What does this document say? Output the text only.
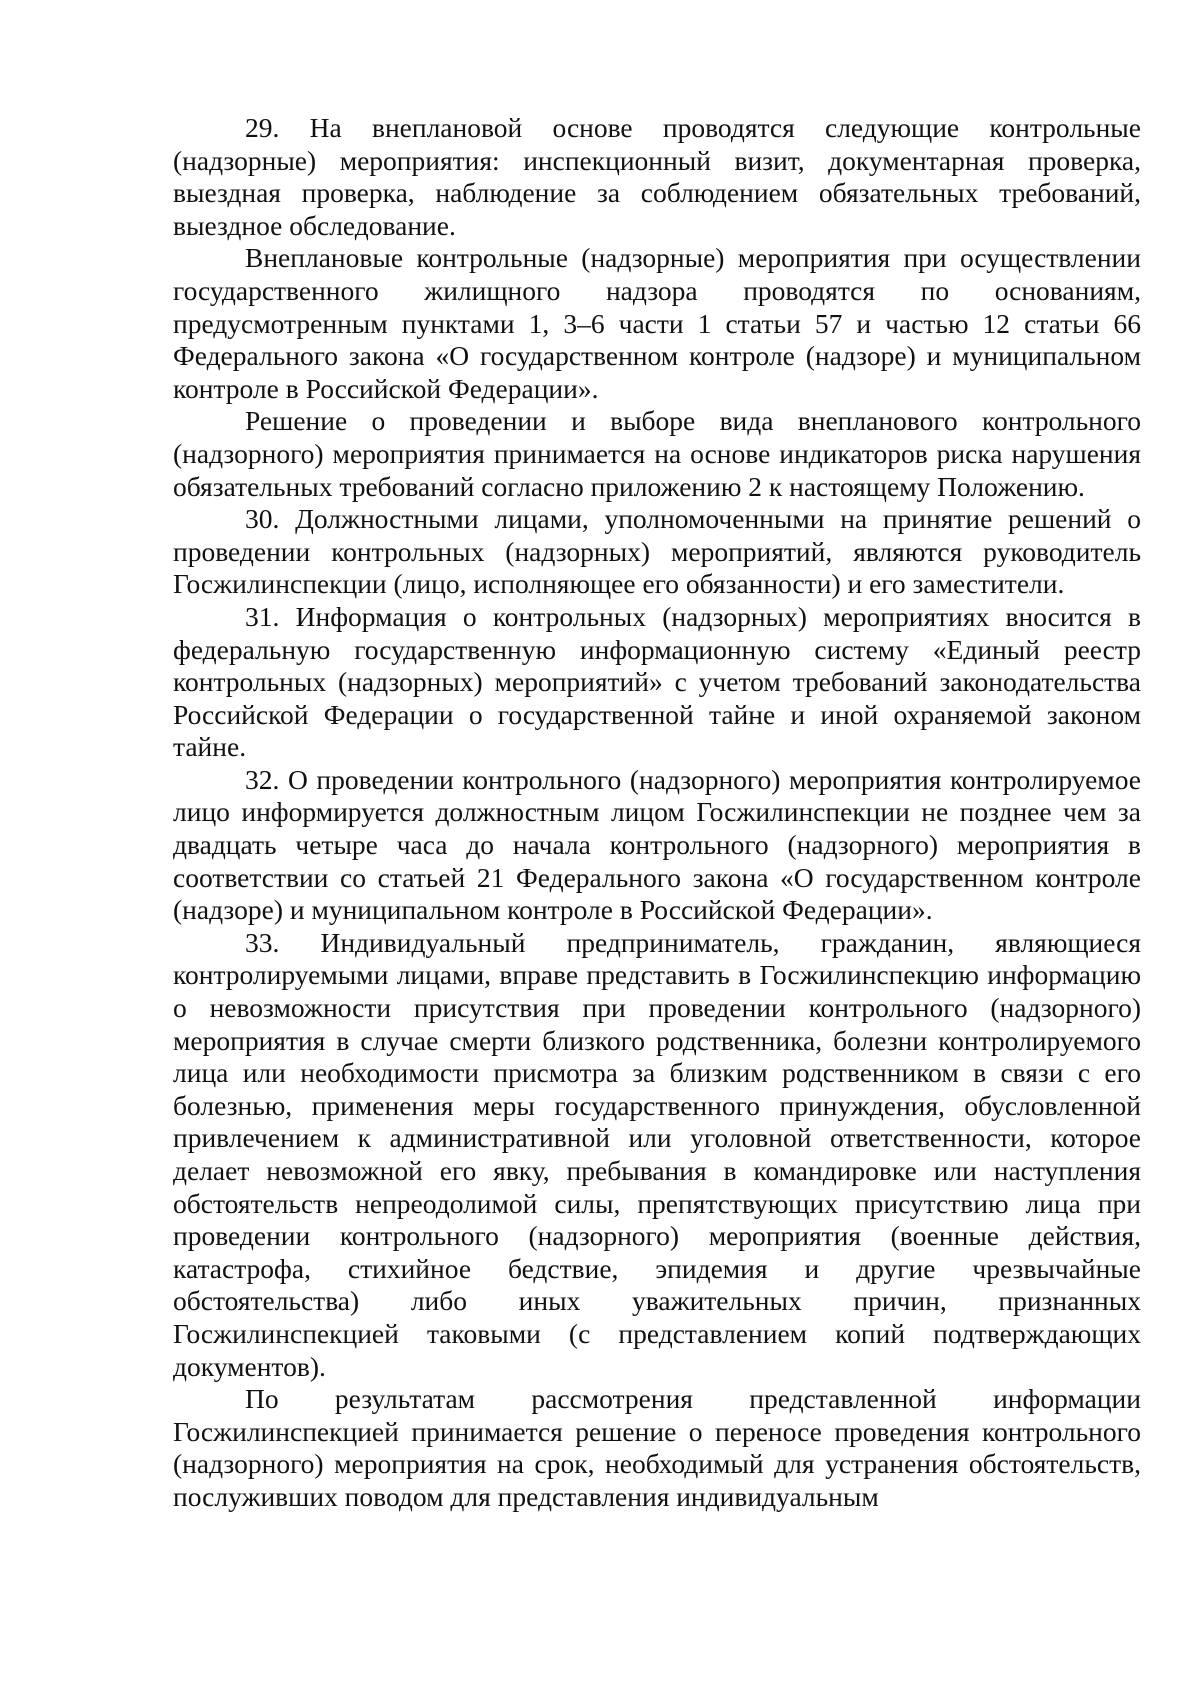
29. На внеплановой основе проводятся следующие контрольные (надзорные) мероприятия: инспекционный визит, документарная проверка, выездная проверка, наблюдение за соблюдением обязательных требований, выездное обследование.

Внеплановые контрольные (надзорные) мероприятия при осуществлении государственного жилищного надзора проводятся по основаниям, предусмотренным пунктами 1, 3–6 части 1 статьи 57 и частью 12 статьи 66 Федерального закона «О государственном контроле (надзоре) и муниципальном контроле в Российской Федерации».

Решение о проведении и выборе вида внепланового контрольного (надзорного) мероприятия принимается на основе индикаторов риска нарушения обязательных требований согласно приложению 2 к настоящему Положению.

30. Должностными лицами, уполномоченными на принятие решений о проведении контрольных (надзорных) мероприятий, являются руководитель Госжилинспекции (лицо, исполняющее его обязанности) и его заместители.

31. Информация о контрольных (надзорных) мероприятиях вносится в федеральную государственную информационную систему «Единый реестр контрольных (надзорных) мероприятий» с учетом требований законодательства Российской Федерации о государственной тайне и иной охраняемой законом тайне.

32. О проведении контрольного (надзорного) мероприятия контролируемое лицо информируется должностным лицом Госжилинспекции не позднее чем за двадцать четыре часа до начала контрольного (надзорного) мероприятия в соответствии со статьей 21 Федерального закона «О государственном контроле (надзоре) и муниципальном контроле в Российской Федерации».

33. Индивидуальный предприниматель, гражданин, являющиеся контролируемыми лицами, вправе представить в Госжилинспекцию информацию о невозможности присутствия при проведении контрольного (надзорного) мероприятия в случае смерти близкого родственника, болезни контролируемого лица или необходимости присмотра за близким родственником в связи с его болезнью, применения меры государственного принуждения, обусловленной привлечением к административной или уголовной ответственности, которое делает невозможной его явку, пребывания в командировке или наступления обстоятельств непреодолимой силы, препятствующих присутствию лица при проведении контрольного (надзорного) мероприятия (военные действия, катастрофа, стихийное бедствие, эпидемия и другие чрезвычайные обстоятельства) либо иных уважительных причин, признанных Госжилинспекцией таковыми (с представлением копий подтверждающих документов).

По результатам рассмотрения представленной информации Госжилинспекцией принимается решение о переносе проведения контрольного (надзорного) мероприятия на срок, необходимый для устранения обстоятельств, послуживших поводом для представления индивидуальным
